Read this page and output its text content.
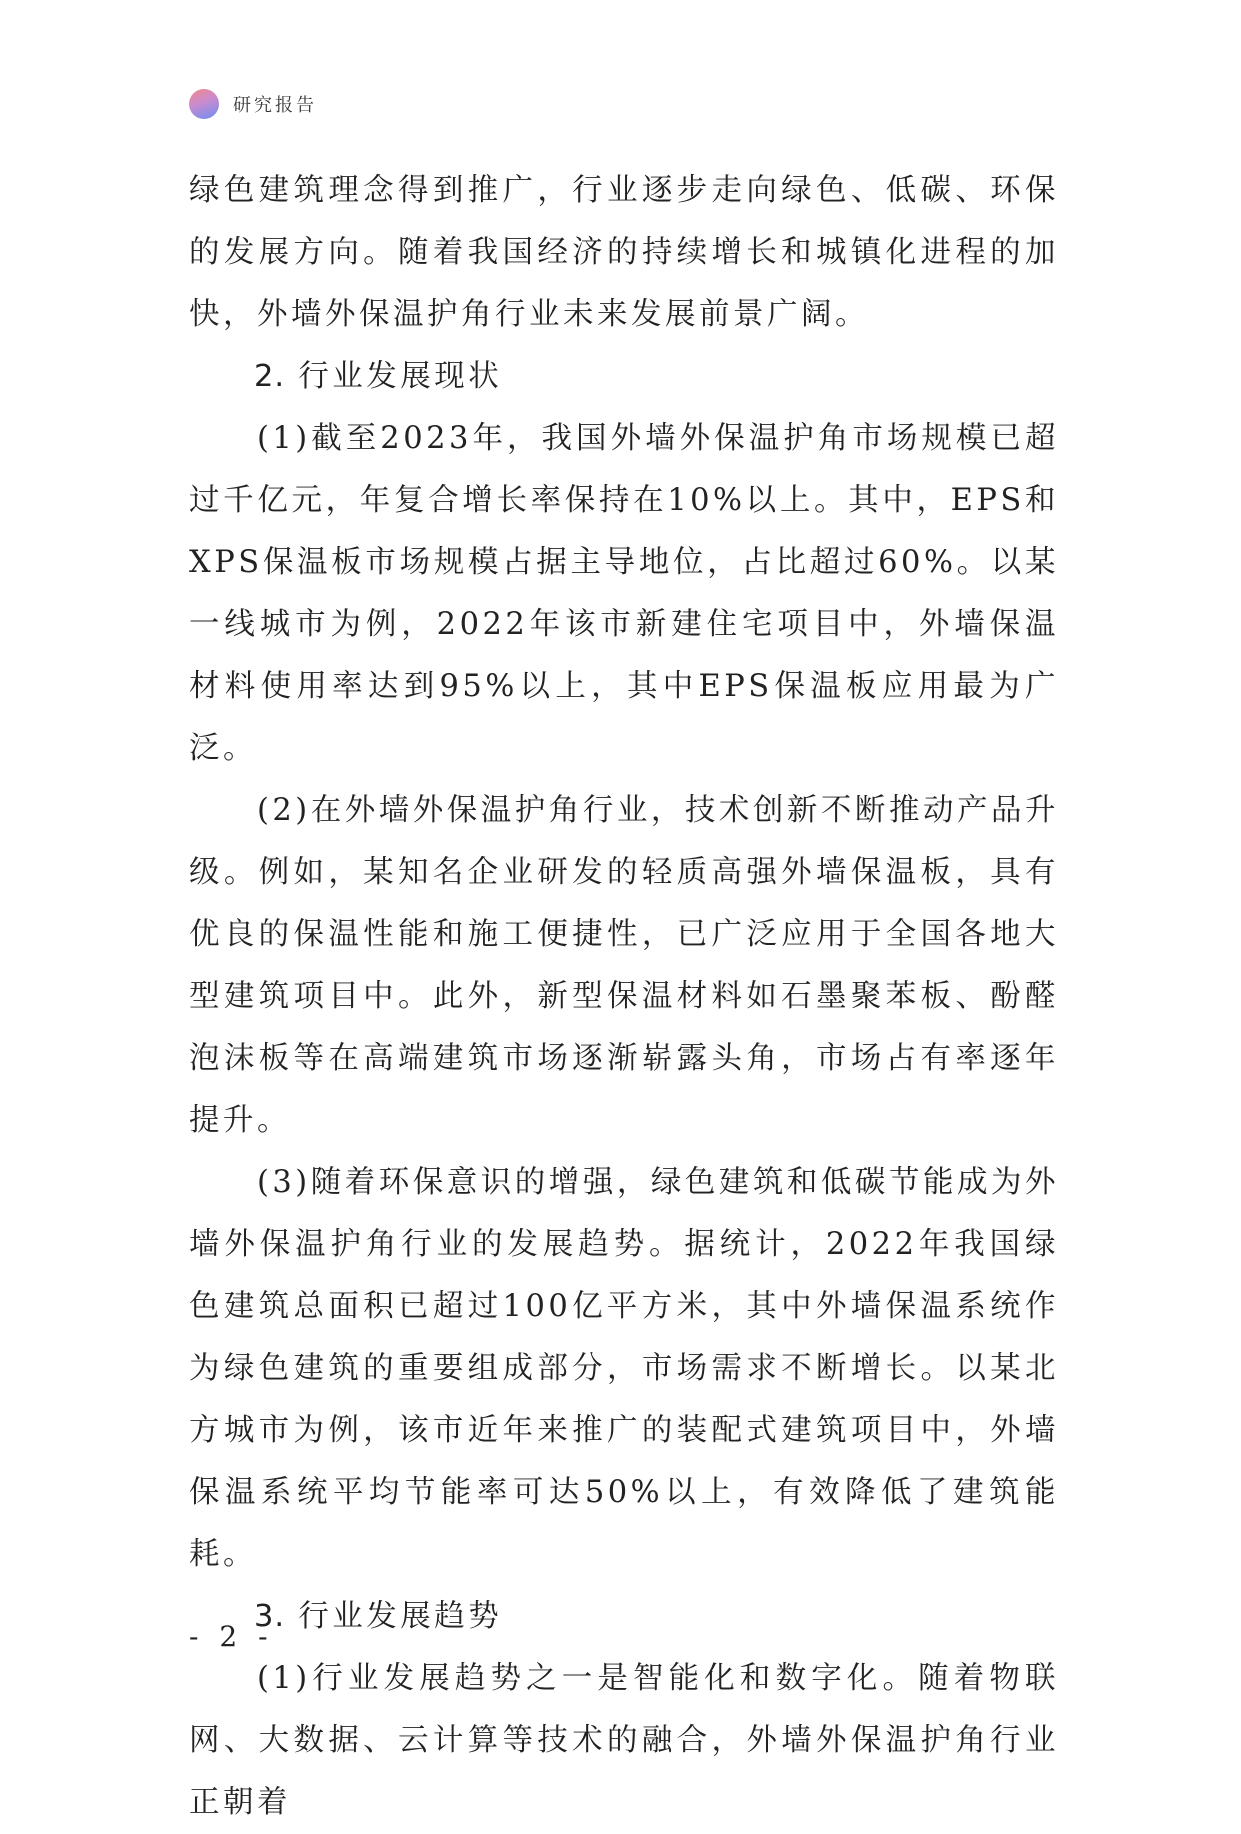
研究报告

绿色建筑理念得到推广，行业逐步走向绿色、低碳、环保的发展方向。随着我国经济的持续增长和城镇化进程的加快，外墙外保温护角行业未来发展前景广阔。

2. 行业发展现状

(1)截至2023年，我国外墙外保温护角市场规模已超过千亿元，年复合增长率保持在10%以上。其中，EPS和XPS保温板市场规模占据主导地位，占比超过60%。以某一线城市为例，2022年该市新建住宅项目中，外墙保温材料使用率达到95%以上，其中EPS保温板应用最为广泛。

(2)在外墙外保温护角行业，技术创新不断推动产品升级。例如，某知名企业研发的轻质高强外墙保温板，具有优良的保温性能和施工便捷性，已广泛应用于全国各地大型建筑项目中。此外，新型保温材料如石墨聚苯板、酚醛泡沫板等在高端建筑市场逐渐崭露头角，市场占有率逐年提升。

(3)随着环保意识的增强，绿色建筑和低碳节能成为外墙外保温护角行业的发展趋势。据统计，2022年我国绿色建筑总面积已超过100亿平方米，其中外墙保温系统作为绿色建筑的重要组成部分，市场需求不断增长。以某北方城市为例，该市近年来推广的装配式建筑项目中，外墙保温系统平均节能率可达50%以上，有效降低了建筑能耗。

3. 行业发展趋势

(1)行业发展趋势之一是智能化和数字化。随着物联网、大数据、云计算等技术的融合，外墙外保温护角行业正朝着

- 2 -
